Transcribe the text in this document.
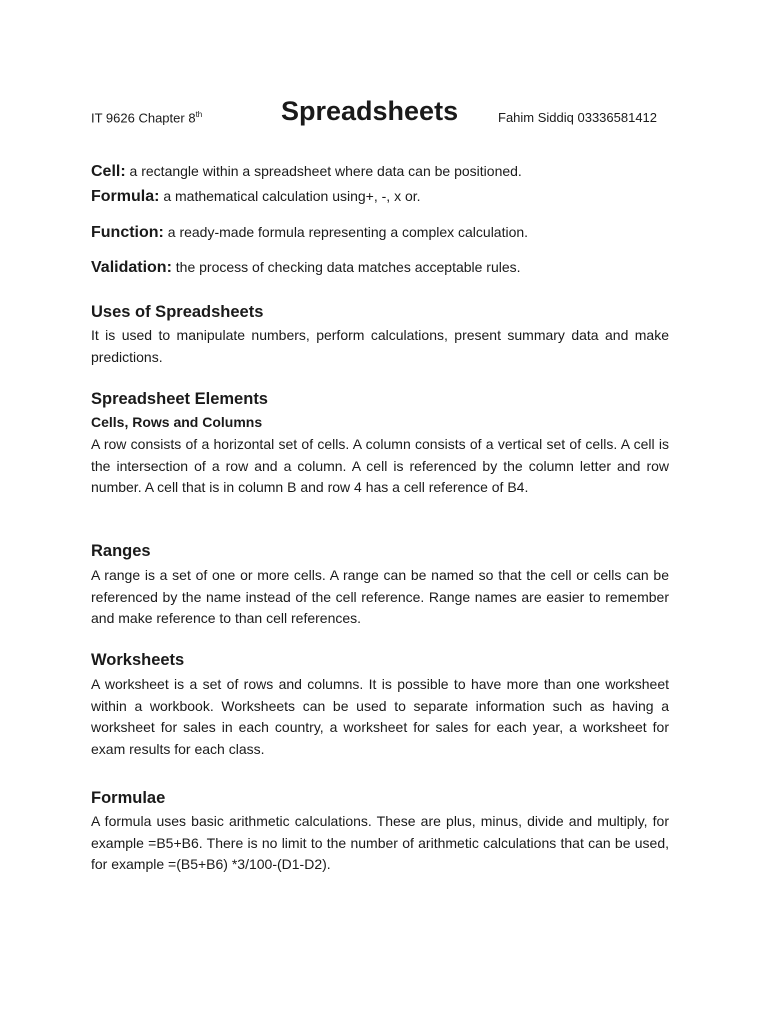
IT 9626 Chapter 8th	Spreadsheets	Fahim Siddiq 03336581412
Cell: a rectangle within a spreadsheet where data can be positioned.
Formula: a mathematical calculation using+, -, x or.
Function: a ready-made formula representing a complex calculation.
Validation: the process of checking data matches acceptable rules.
Uses of Spreadsheets
It is used to manipulate numbers, perform calculations, present summary data and make predictions.
Spreadsheet Elements
Cells, Rows and Columns
A row consists of a horizontal set of cells. A column consists of a vertical set of cells. A cell is the intersection of a row and a column. A cell is referenced by the column letter and row number. A cell that is in column B and row 4 has a cell reference of B4.
Ranges
A range is a set of one or more cells. A range can be named so that the cell or cells can be referenced by the name instead of the cell reference. Range names are easier to remember and make reference to than cell references.
Worksheets
A worksheet is a set of rows and columns. It is possible to have more than one worksheet within a workbook. Worksheets can be used to separate information such as having a worksheet for sales in each country, a worksheet for sales for each year, a worksheet for exam results for each class.
Formulae
A formula uses basic arithmetic calculations. These are plus, minus, divide and multiply, for example =B5+B6. There is no limit to the number of arithmetic calculations that can be used, for example =(B5+B6) *3/100-(D1-D2).
